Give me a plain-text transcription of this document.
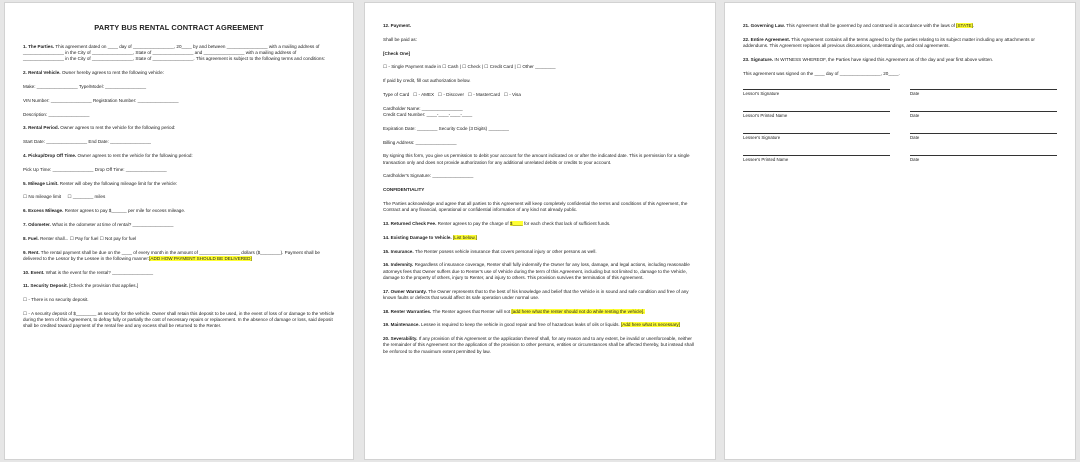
PARTY BUS RENTAL CONTRACT AGREEMENT
1. The Parties. This agreement dated on ____ day of ________________, 20____ by and between ________________ with a mailing address of ________________ in the City of ________________, State of ________________ and ________________ with a mailing address of ________________ in the City of ________________, State of ________________. This agreement is subject to the following terms and conditions:
2. Rental Vehicle. Owner hereby agrees to rent the following vehicle:
Make: ________________ Type/Model: ________________
VIN Number: ________________ Registration Number: ________________
Description: ________________
3. Rental Period. Owner agrees to rent the vehicle for the following period:
Start Date: ________________ End Date: ________________
4. Pickup/Drop Off Time. Owner agrees to rent the vehicle for the following period:
Pick Up Time: ________________ Drop Off Time: ________________
5. Mileage Limit. Renter will obey the following mileage limit for the vehicle:
☐ No mileage limit     ☐ ________ miles
6. Excess Mileage. Renter agrees to pay $______ per mile for excess mileage.
7. Odometer. What is the odometer at time of rental? ________________
8. Fuel. Renter shall... ☐ Pay for fuel ☐ Not pay for fuel
9. Rent. The rental payment shall be due on the ____ of every month in the amount of ________________ dollars ($________). Payment shall be delivered to the Lessor by the Lessee in the following manner:[ADD HOW PAYMENT SHOULD BE DELIVERED]
10. Event. What is the event for the rental? ________________
11. Security Deposit. [Check the provision that applies.]
☐ - There is no security deposit.
☐ - A security deposit of $________ as security for the vehicle. Owner shall retain this deposit to be used, in the event of loss of or damage to the Vehicle during the term of this Agreement, to defray fully or partially the cost of necessary repairs or replacement. In the absence of damage or loss, said deposit shall be credited toward payment of the rental fee and any excess shall be returned to the Renter.
12. Payment.
Shall be paid as:
[Check One]
☐ - Single Payment made in ☐ Cash | ☐ Check | ☐ Credit Card | ☐ Other ________
If paid by credit, fill out authorization below.
Type of Card   ☐ - AMEX   ☐ - Discover   ☐ - MasterCard   ☐ - Visa
Cardholder Name: ________________
Credit Card Number: ____-____-____-____
Expiration Date: ________ Security Code (3 Digits) ________
Billing Address: ________________
By signing this form, you give us permission to debit your account for the amount indicated on or after the indicated date. This is permission for a single transaction only and does not provide authorization for any additional unrelated debits or credits to your account.
Cardholder's Signature: ________________
CONFIDENTIALITY
The Parties acknowledge and agree that all parties to this Agreement will keep completely confidential the terms and conditions of this Agreement, the Contract and any financial, operational or confidential information of any kind not already public.
13. Returned Check Fee. Renter agrees to pay the charge of $____ for each check that lack of sufficient funds.
14. Existing Damage to Vehicle. [List below.]
15. Insurance. The Renter posess vehicle insurance that covers personal injury or other persons as well.
16. Indemnity. Regardless of insurance coverage, Renter shall fully indemnify the Owner for any loss, damage, and legal actions, including reasonable attorneys fees that Owner suffers due to Renter's use of Vehicle during the term of this Agreement, including but not limited to, damage to the Vehicle, damage to the property of others, injury to Renter, and injury to others. This provision survives the termination of this Agreement.
17. Owner Warranty. The Owner represents that to the best of his knowledge and belief that the Vehicle is in sound and safe condition and free of any known faults or defects that would affect its safe operation under normal use.
18. Renter Warranties. The Renter agrees that Renter will not [add here what the renter should not do while renting the vehicle].
19. Maintenance. Lessee is required to keep the vehicle in good repair and free of hazardous leaks of oils or liquids. [Add here what is necessary]
20. Severability. If any provision of this Agreement or the application thereof shall, for any reason and to any extent, be invalid or unenforceable, neither the remainder of this Agreement nor the application of the provision to other persons, entities or circumstances shall be affected thereby, but instead shall be enforced to the maximum extent permitted by law.
21. Governing Law. This Agreement shall be governed by and construed in accordance with the laws of [STATE].
22. Entire Agreement. This Agreement contains all the terms agreed to by the parties relating to its subject matter including any attachments or addendums. This Agreement replaces all previous discussions, understandings, and oral agreements.
23. Signature. IN WITNESS WHEREOF, the Parties have signed this Agreement as of the day and year first above written.
This agreement was signed on the ____ day of ________________, 20____.
Lessor's Signature	Date
Lessor's Printed Name	Date
Lessee's Signature	Date
Lessee's Printed Name	Date
